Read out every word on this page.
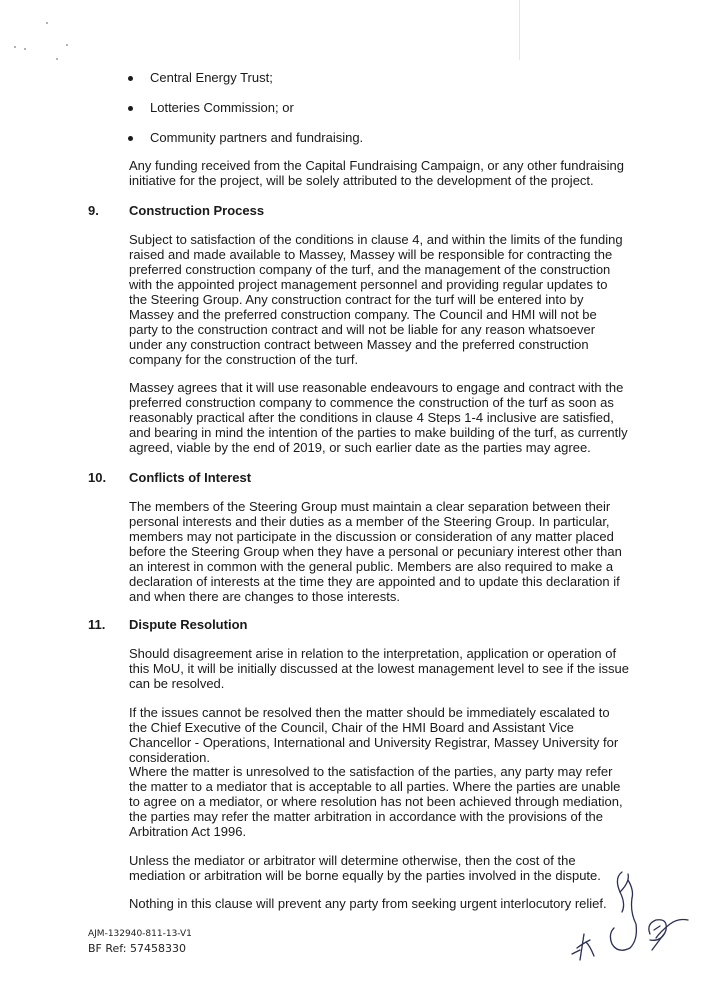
Central Energy Trust;
Lotteries Commission; or
Community partners and fundraising.

Any funding received from the Capital Fundraising Campaign, or any other fundraising initiative for the project, will be solely attributed to the development of the project.

9. Construction Process

Subject to satisfaction of the conditions in clause 4, and within the limits of the funding raised and made available to Massey, Massey will be responsible for contracting the preferred construction company of the turf, and the management of the construction with the appointed project management personnel and providing regular updates to the Steering Group. Any construction contract for the turf will be entered into by Massey and the preferred construction company. The Council and HMI will not be party to the construction contract and will not be liable for any reason whatsoever under any construction contract between Massey and the preferred construction company for the construction of the turf.

Massey agrees that it will use reasonable endeavours to engage and contract with the preferred construction company to commence the construction of the turf as soon as reasonably practical after the conditions in clause 4 Steps 1-4 inclusive are satisfied, and bearing in mind the intention of the parties to make building of the turf, as currently agreed, viable by the end of 2019, or such earlier date as the parties may agree.

10. Conflicts of Interest

The members of the Steering Group must maintain a clear separation between their personal interests and their duties as a member of the Steering Group. In particular, members may not participate in the discussion or consideration of any matter placed before the Steering Group when they have a personal or pecuniary interest other than an interest in common with the general public. Members are also required to make a declaration of interests at the time they are appointed and to update this declaration if and when there are changes to those interests.

11. Dispute Resolution

Should disagreement arise in relation to the interpretation, application or operation of this MoU, it will be initially discussed at the lowest management level to see if the issue can be resolved.

If the issues cannot be resolved then the matter should be immediately escalated to the Chief Executive of the Council, Chair of the HMI Board and Assistant Vice Chancellor - Operations, International and University Registrar, Massey University for consideration.

Where the matter is unresolved to the satisfaction of the parties, any party may refer the matter to a mediator that is acceptable to all parties. Where the parties are unable to agree on a mediator, or where resolution has not been achieved through mediation, the parties may refer the matter arbitration in accordance with the provisions of the Arbitration Act 1996.

Unless the mediator or arbitrator will determine otherwise, then the cost of the mediation or arbitration will be borne equally by the parties involved in the dispute.

Nothing in this clause will prevent any party from seeking urgent interlocutory relief.

AJM-132940-811-13-V1
BF Ref: 57458330
